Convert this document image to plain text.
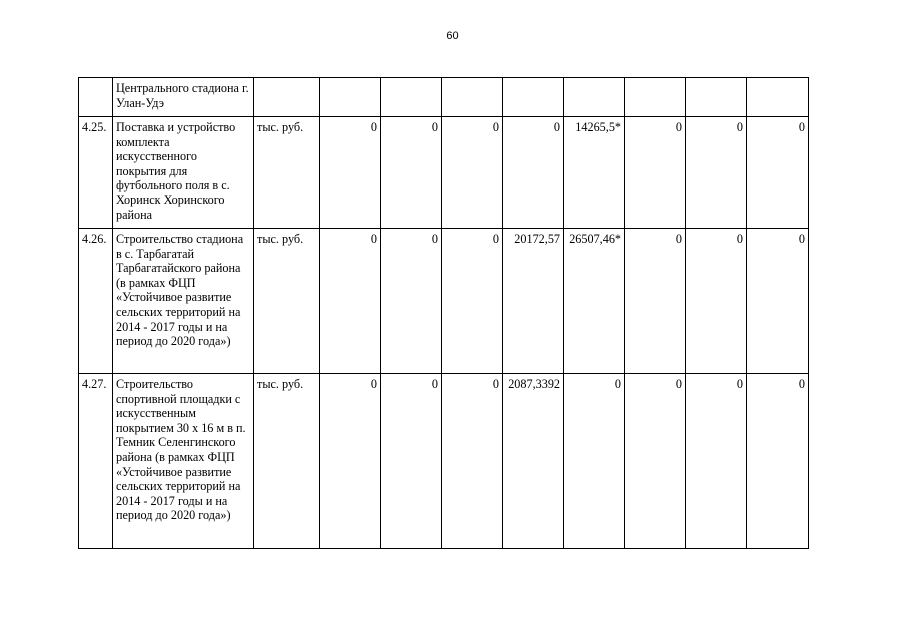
60
	Центрального стадиона г. Улан-Удэ									
4.25.	Поставка и устройство комплекта искусственного покрытия для футбольного поля в с. Хоринск Хоринского района	тыс. руб.	0	0	0	0	14265,5*	0	0	0
4.26.	Строительство стадиона в с. Тарбагатай Тарбагатайского района (в рамках ФЦП «Устойчивое развитие сельских территорий на 2014 - 2017 годы и на период до 2020 года»)	тыс. руб.	0	0	0	20172,57	26507,46*	0	0	0
4.27.	Строительство спортивной площадки с искусственным покрытием 30 х 16 м в п. Темник Селенгинского района (в рамках ФЦП «Устойчивое развитие сельских территорий на 2014 - 2017 годы и на период до 2020 года»)	тыс. руб.	0	0	0	2087,3392	0	0	0	0
